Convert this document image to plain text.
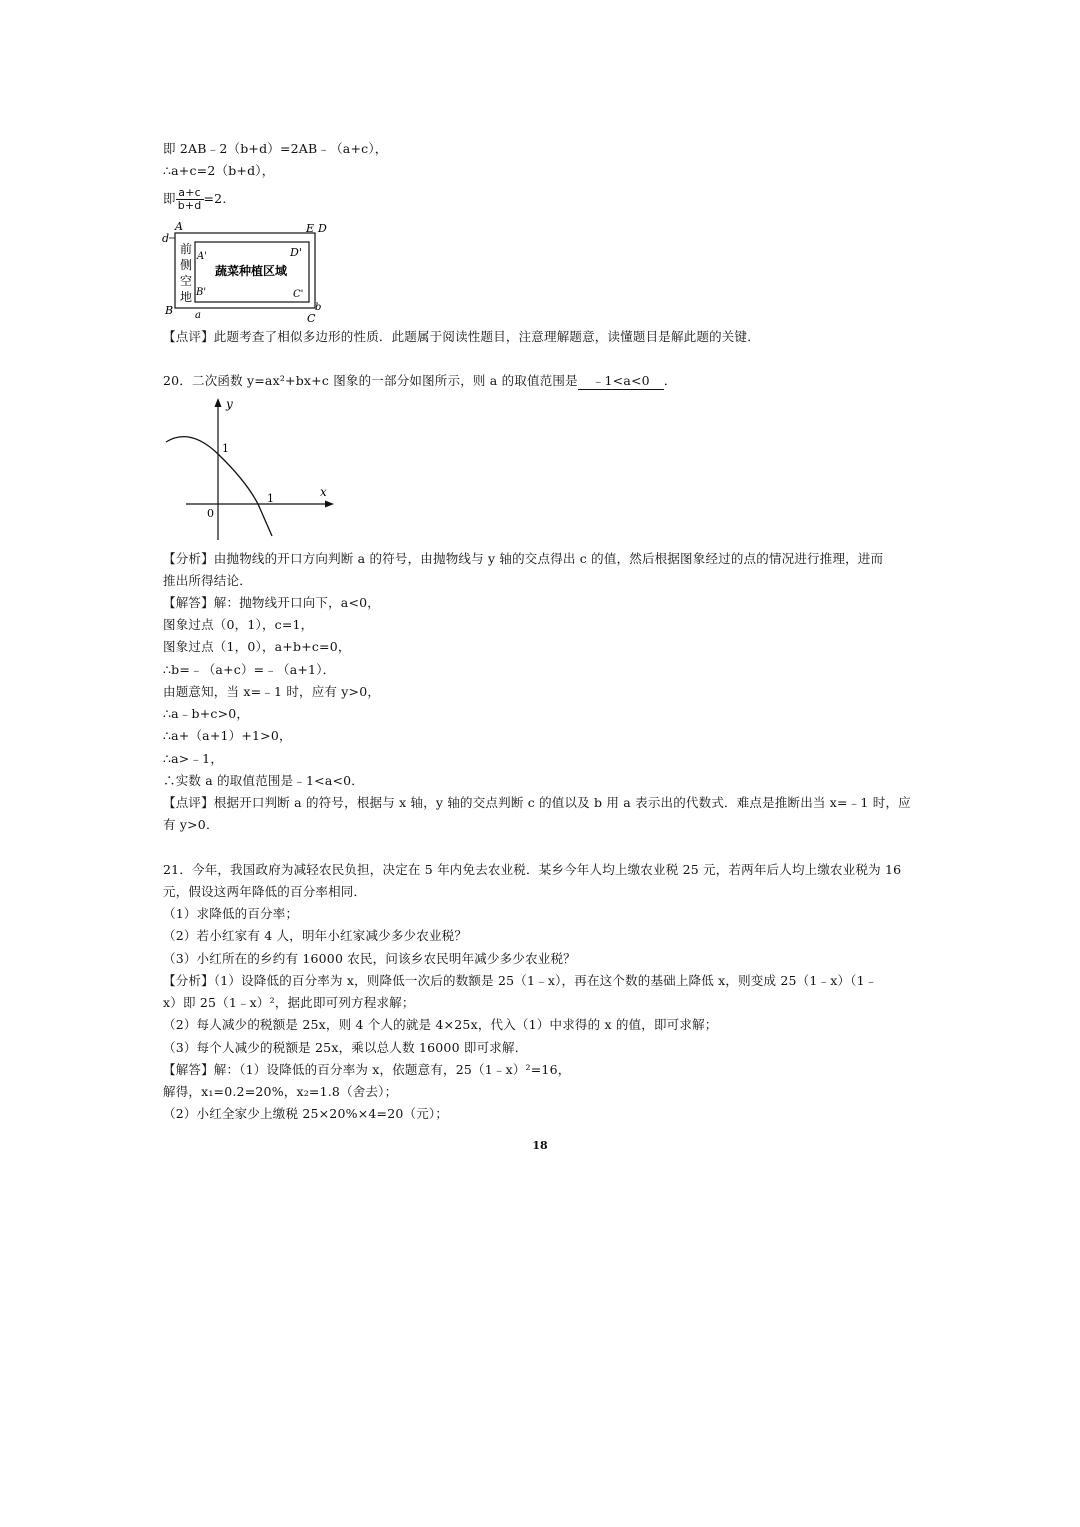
即 2AB﹣2（b+d）=2AB﹣（a+c），
∴a+c=2（b+d），
即 $\frac{a+c}{b+d} =2$.
A	E D
d
A'	D'
B'	C'
B a	C
b
前
侧
空
地
蔬菜种植区域
【点评】此题考查了相似多边形的性质．此题属于阅读性题目，注意理解题意，读懂题目是解此题的关键．
20．二次函数 y=ax²+bx+c 图象的一部分如图所示，则 a 的取值范围是 ﹣1<a<0 ．
y
x
0
1
1
【分析】由抛物线的开口方向判断 a 的符号，由抛物线与 y 轴的交点得出 c 的值，然后根据图象经过的点的情况进行推理，进而
推出所得结论．
【解答】解：抛物线开口向下，a<0，
图象过点（0，1），c=1，
图象过点（1，0），a+b+c=0，
∴b=﹣（a+c）=﹣（a+1）．
由题意知，当 x=﹣1 时，应有 y>0，
∴a﹣b+c>0，
∴a+（a+1）+1>0，
∴a>﹣1，
∴实数 a 的取值范围是﹣1<a<0．
【点评】根据开口判断 a 的符号，根据与 x 轴，y 轴的交点判断 c 的值以及 b 用 a 表示出的代数式．难点是推断出当 x=﹣1 时，应
有 y>0．
21．今年，我国政府为减轻农民负担，决定在 5 年内免去农业税．某乡今年人均上缴农业税 25 元，若两年后人均上缴农业税为 16
元，假设这两年降低的百分率相同．
（1）求降低的百分率；
（2）若小红家有 4 人，明年小红家减少多少农业税？
（3）小红所在的乡约有 16000 农民，问该乡农民明年减少多少农业税？
【分析】（1）设降低的百分率为 x，则降低一次后的数额是 25（1﹣x），再在这个数的基础上降低 x，则变成 25（1﹣x）（1﹣
x）即 25（1﹣x）²，据此即可列方程求解；
（2）每人减少的税额是 25x，则 4 个人的就是 4×25x，代入（1）中求得的 x 的值，即可求解；
（3）每个人减少的税额是 25x，乘以总人数 16000 即可求解．
【解答】解：（1）设降低的百分率为 x，依题意有，25（1﹣x）²=16，
解得，x₁=0.2=20%，x₂=1.8（舍去）；
（2）小红全家少上缴税 25×20%×4=20（元）；
18
